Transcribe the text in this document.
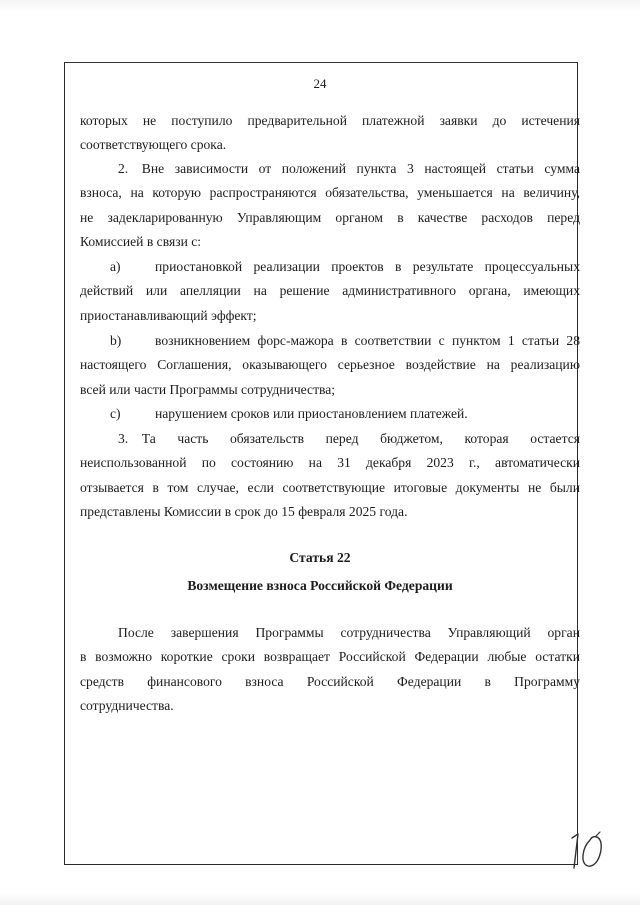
24
которых не поступило предварительной платежной заявки до истечения
соответствующего срока.
2. Вне зависимости от положений пункта 3 настоящей статьи сумма
взноса, на которую распространяются обязательства, уменьшается на величину,
не задекларированную Управляющим органом в качестве расходов перед
Комиссией в связи с:
a)	приостановкой реализации проектов в результате процессуальных
действий или апелляции на решение административного органа, имеющих
приостанавливающий эффект;
b) возникновением форс-мажора в соответствии с пунктом 1 статьи 28
настоящего Соглашения, оказывающего серьезное воздействие на реализацию
всей или части Программы сотрудничества;
c)	нарушением сроков или приостановлением платежей.
3. Та часть обязательств перед бюджетом, которая остается
неиспользованной по состоянию на 31 декабря 2023 г., автоматически
отзывается в том случае, если соответствующие итоговые документы не были
представлены Комиссии в срок до 15 февраля 2025 года.
Статья 22
Возмещение взноса Российской Федерации
После завершения Программы сотрудничества Управляющий орган
в возможно короткие сроки возвращает Российской Федерации любые остатки
средств финансового взноса Российской Федерации в Программу
сотрудничества.
